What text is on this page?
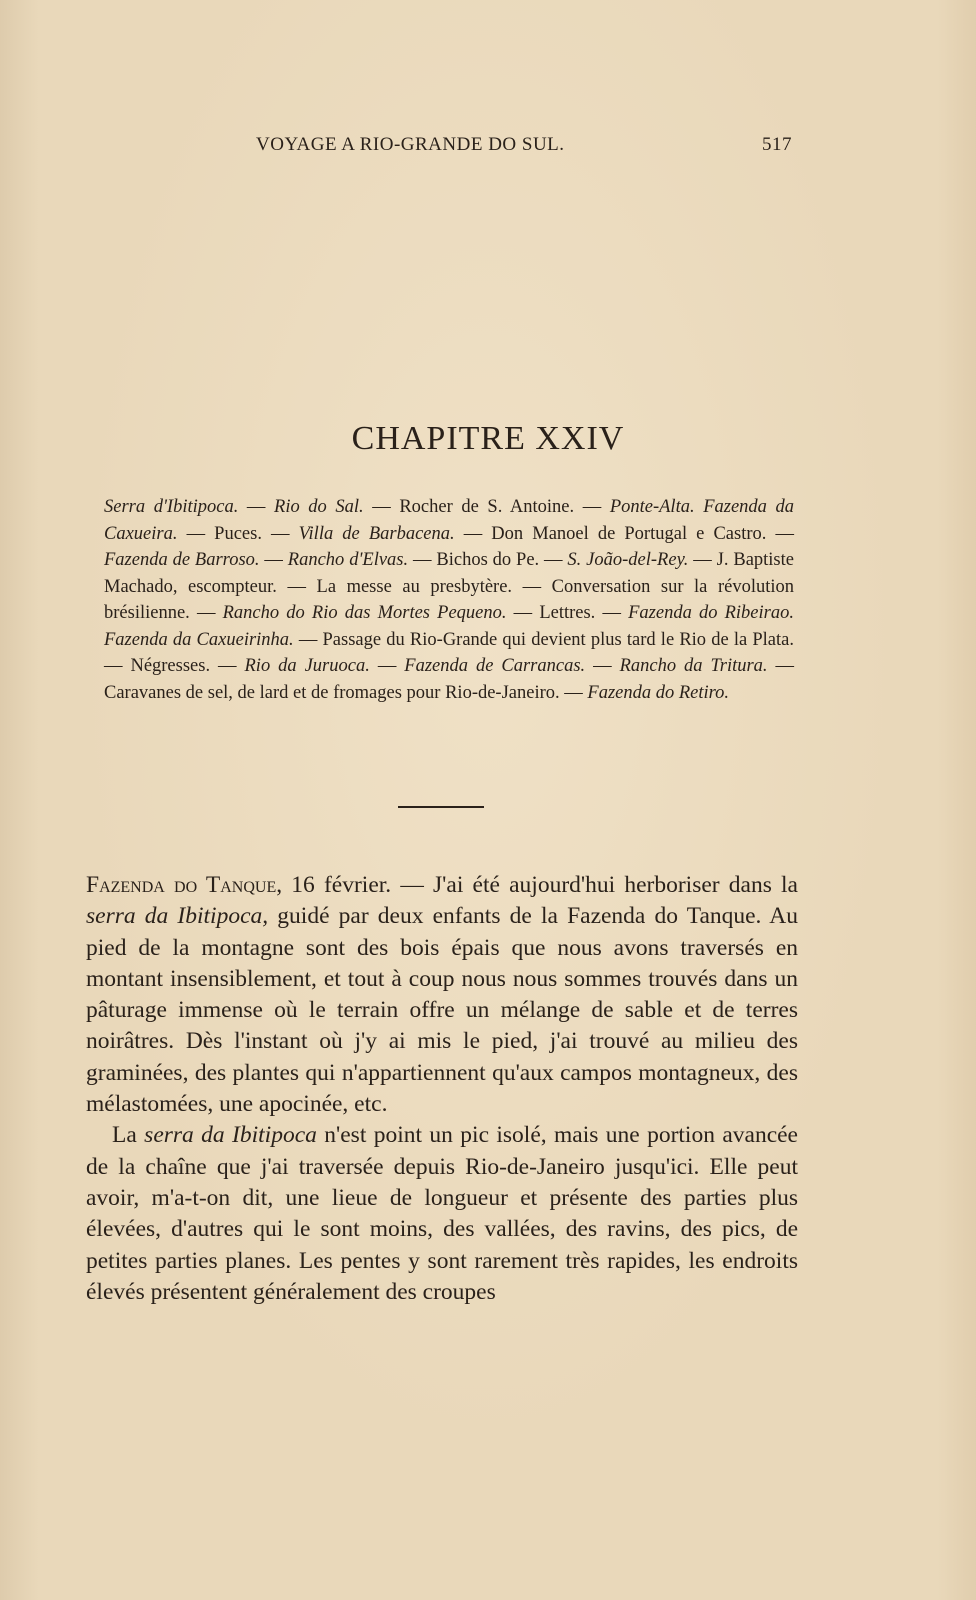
VOYAGE A RIO-GRANDE DO SUL.	517
CHAPITRE XXIV

Serra d'Ibitipoca. — Rio do Sal. — Rocher de S. Antoine. — Ponte-Alta. Fazenda da Caxueira. — Puces. — Villa de Barbacena. — Don Manoel de Portugal e Castro. — Fazenda de Barroso. — Rancho d'Elvas. — Bichos do Pe. — S. João-del-Rey. — J. Baptiste Machado, escompteur. — La messe au presbytère. — Conversation sur la révolution brésilienne. — Rancho do Rio das Mortes Pequeno. — Lettres. — Fazenda do Ribeirao. Fazenda da Caxueirinha. — Passage du Rio-Grande qui devient plus tard le Rio de la Plata. — Négresses. — Rio da Juruoca. — Fazenda de Carrancas. — Rancho da Tritura. — Caravanes de sel, de lard et de fromages pour Rio-de-Janeiro. — Fazenda do Retiro.

Fazenda do Tanque, 16 février. — J'ai été aujourd'hui herboriser dans la serra da Ibitipoca, guidé par deux enfants de la Fazenda do Tanque. Au pied de la montagne sont des bois épais que nous avons traversés en montant insensiblement, et tout à coup nous nous sommes trouvés dans un pâturage immense où le terrain offre un mélange de sable et de terres noirâtres. Dès l'instant où j'y ai mis le pied, j'ai trouvé au milieu des graminées, des plantes qui n'appartiennent qu'aux campos montagneux, des mélastomées, une apocinée, etc.

La serra da Ibitipoca n'est point un pic isolé, mais une portion avancée de la chaîne que j'ai traversée depuis Rio-de-Janeiro jusqu'ici. Elle peut avoir, m'a-t-on dit, une lieue de longueur et présente des parties plus élevées, d'autres qui le sont moins, des vallées, des ravins, des pics, de petites parties planes. Les pentes y sont rarement très rapides, les endroits élevés présentent généralement des croupes
